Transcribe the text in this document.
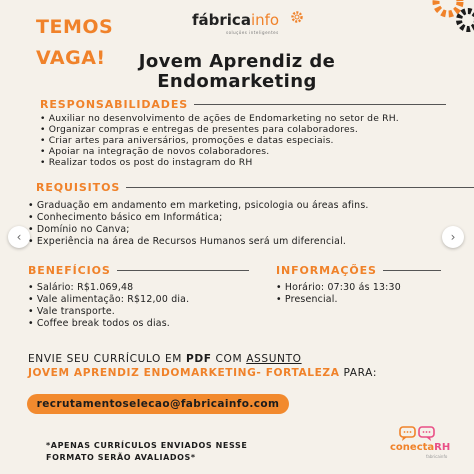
TEMOS
VAGA!
fábricainfo
soluções inteligentes
Jovem Aprendiz de
Endomarketing
RESPONSABILIDADES
• Auxiliar no desenvolvimento de ações de Endomarketing no setor de RH.
• Organizar compras e entregas de presentes para colaboradores.
• Criar artes para aniversários, promoções e datas especiais.
• Apoiar na integração de novos colaboradores.
• Realizar todos os post do instagram do RH
REQUISITOS
• Graduação em andamento em marketing, psicologia ou áreas afins.
• Conhecimento básico em Informática;
• Domínio no Canva;
• Experiência na área de Recursos Humanos será um diferencial.
‹	›
BENEFÍCIOS
• Salário: R$1.069,48
• Vale alimentação: R$12,00 dia.
• Vale transporte.
• Coffee break todos os dias.
INFORMAÇÕES
• Horário: 07:30 ás 13:30
• Presencial.
ENVIE SEU CURRÍCULO EM PDF COM ASSUNTO
JOVEM APRENDIZ ENDOMARKETING- FORTALEZA PARA:
recrutamentoselecao@fabricainfo.com
*APENAS CURRÍCULOS ENVIADOS NESSE
FORMATO SERÃO AVALIADOS*
conectaRH
fabricainfo
